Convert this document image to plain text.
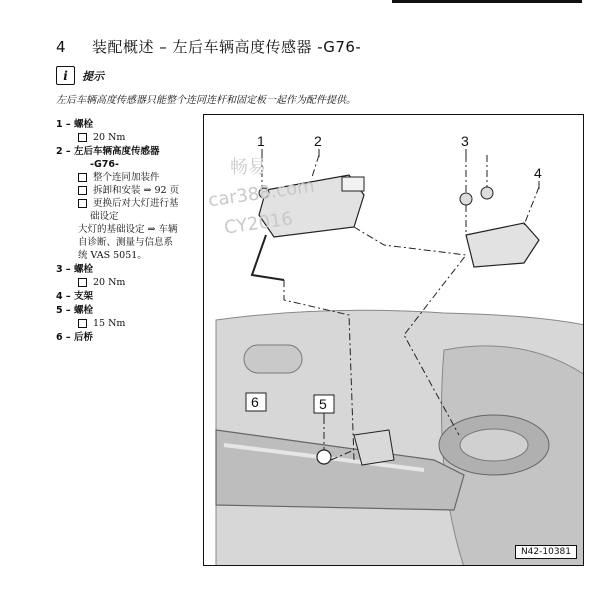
4 装配概述 – 左后车辆高度传感器 -G76-
i	提示
左后车辆高度传感器只能整个连同连杆和固定板一起作为配件提供。
1 – 螺栓
20 Nm
2 – 左后车辆高度传感器
-G76-
整个连同加装件
拆卸和安装 ⇒ 92 页
更换后对大灯进行基
础设定
大灯的基础设定 ⇒ 车辆
自诊断、测量与信息系
统 VAS 5051。
3 – 螺栓
20 Nm
4 – 支架
5 – 螺栓
15 Nm
6 – 后桥
1	2	3
4
5
6
畅易
car388.com
CY2016
N42-10381
